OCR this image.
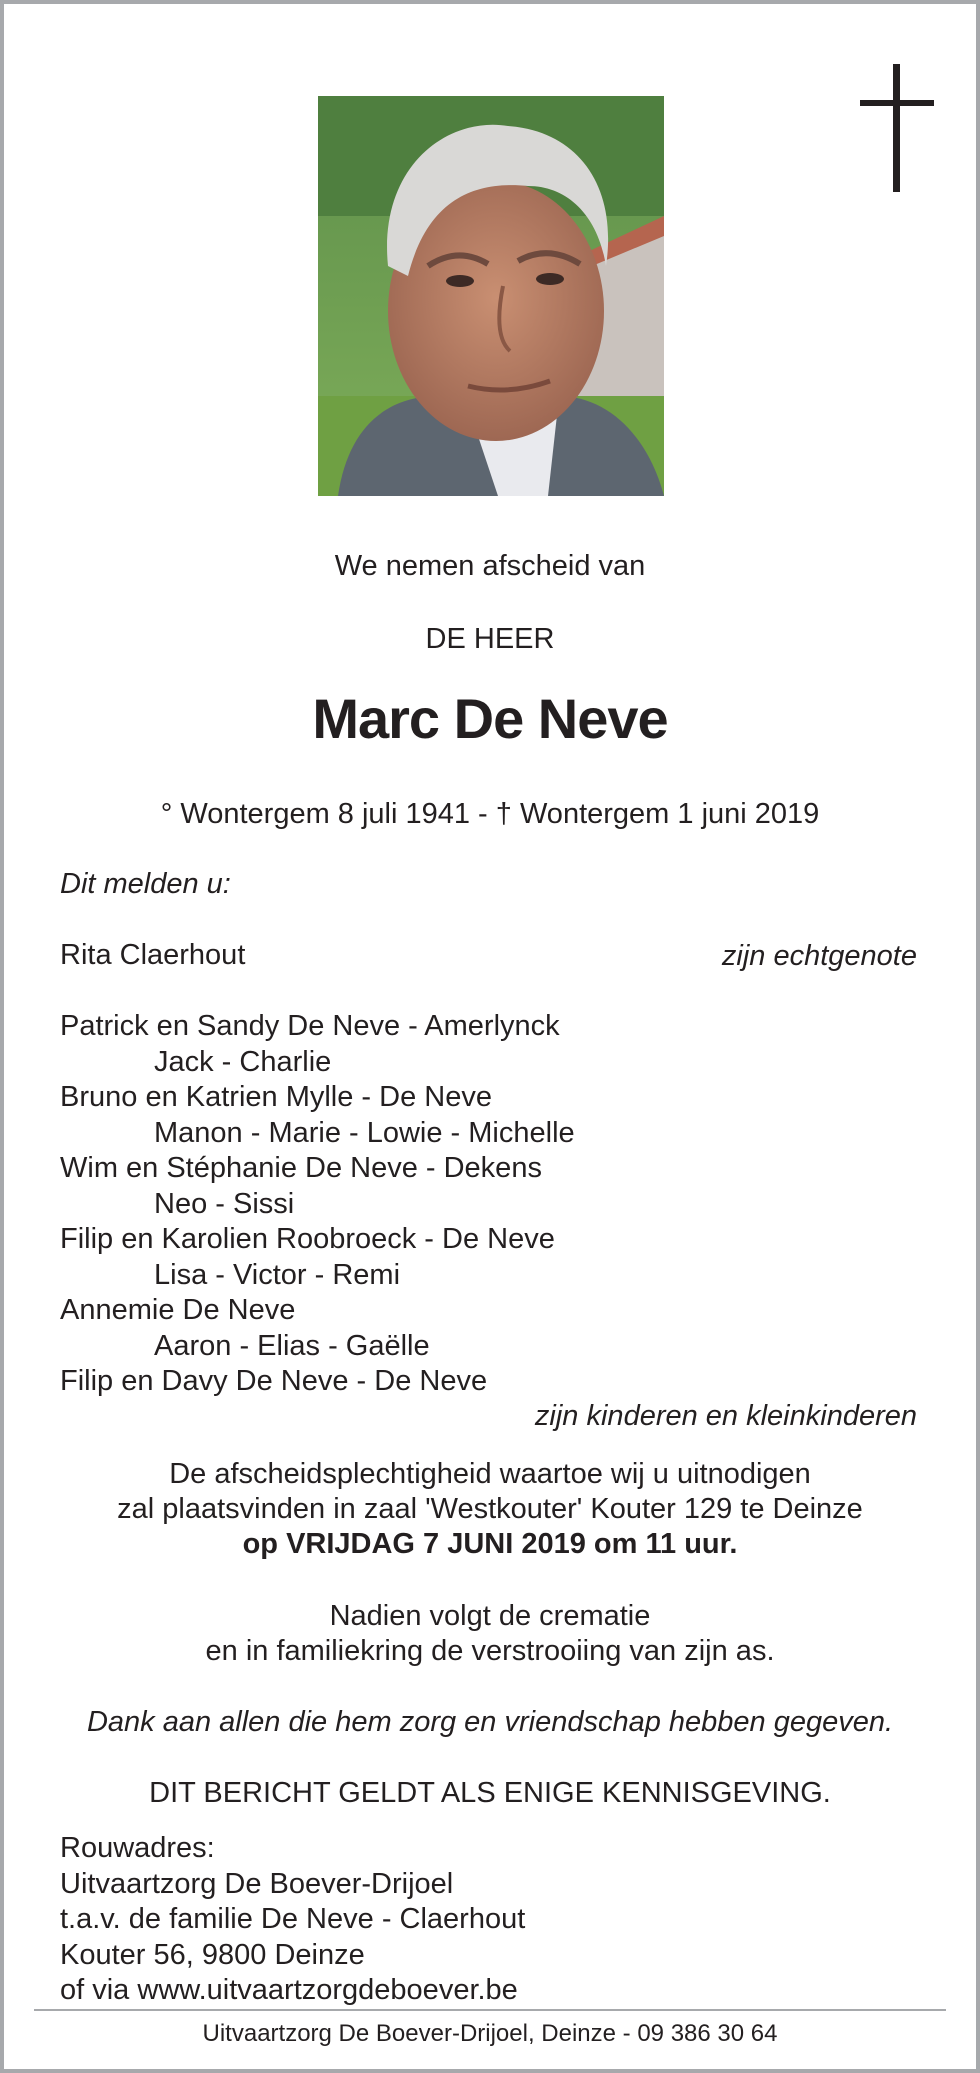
We nemen afscheid van
DE HEER
Marc De Neve
° Wontergem 8 juli 1941 - † Wontergem 1 juni 2019
Dit melden u:
Rita Claerhout	zijn echtgenote
Patrick en Sandy De Neve - Amerlynck
Jack - Charlie
Bruno en Katrien Mylle - De Neve
Manon - Marie - Lowie - Michelle
Wim en Stéphanie De Neve - Dekens
Neo - Sissi
Filip en Karolien Roobroeck - De Neve
Lisa - Victor - Remi
Annemie De Neve
Aaron - Elias - Gaëlle
Filip en Davy De Neve - De Neve
zijn kinderen en kleinkinderen
De afscheidsplechtigheid waartoe wij u uitnodigen
zal plaatsvinden in zaal 'Westkouter' Kouter 129 te Deinze
op VRIJDAG 7 JUNI 2019 om 11 uur.
Nadien volgt de crematie
en in familiekring de verstrooiing van zijn as.
Dank aan allen die hem zorg en vriendschap hebben gegeven.
DIT BERICHT GELDT ALS ENIGE KENNISGEVING.
Rouwadres:
Uitvaartzorg De Boever-Drijoel
t.a.v. de familie De Neve - Claerhout
Kouter 56, 9800 Deinze
of via www.uitvaartzorgdeboever.be
Uitvaartzorg De Boever-Drijoel, Deinze - 09 386 30 64
